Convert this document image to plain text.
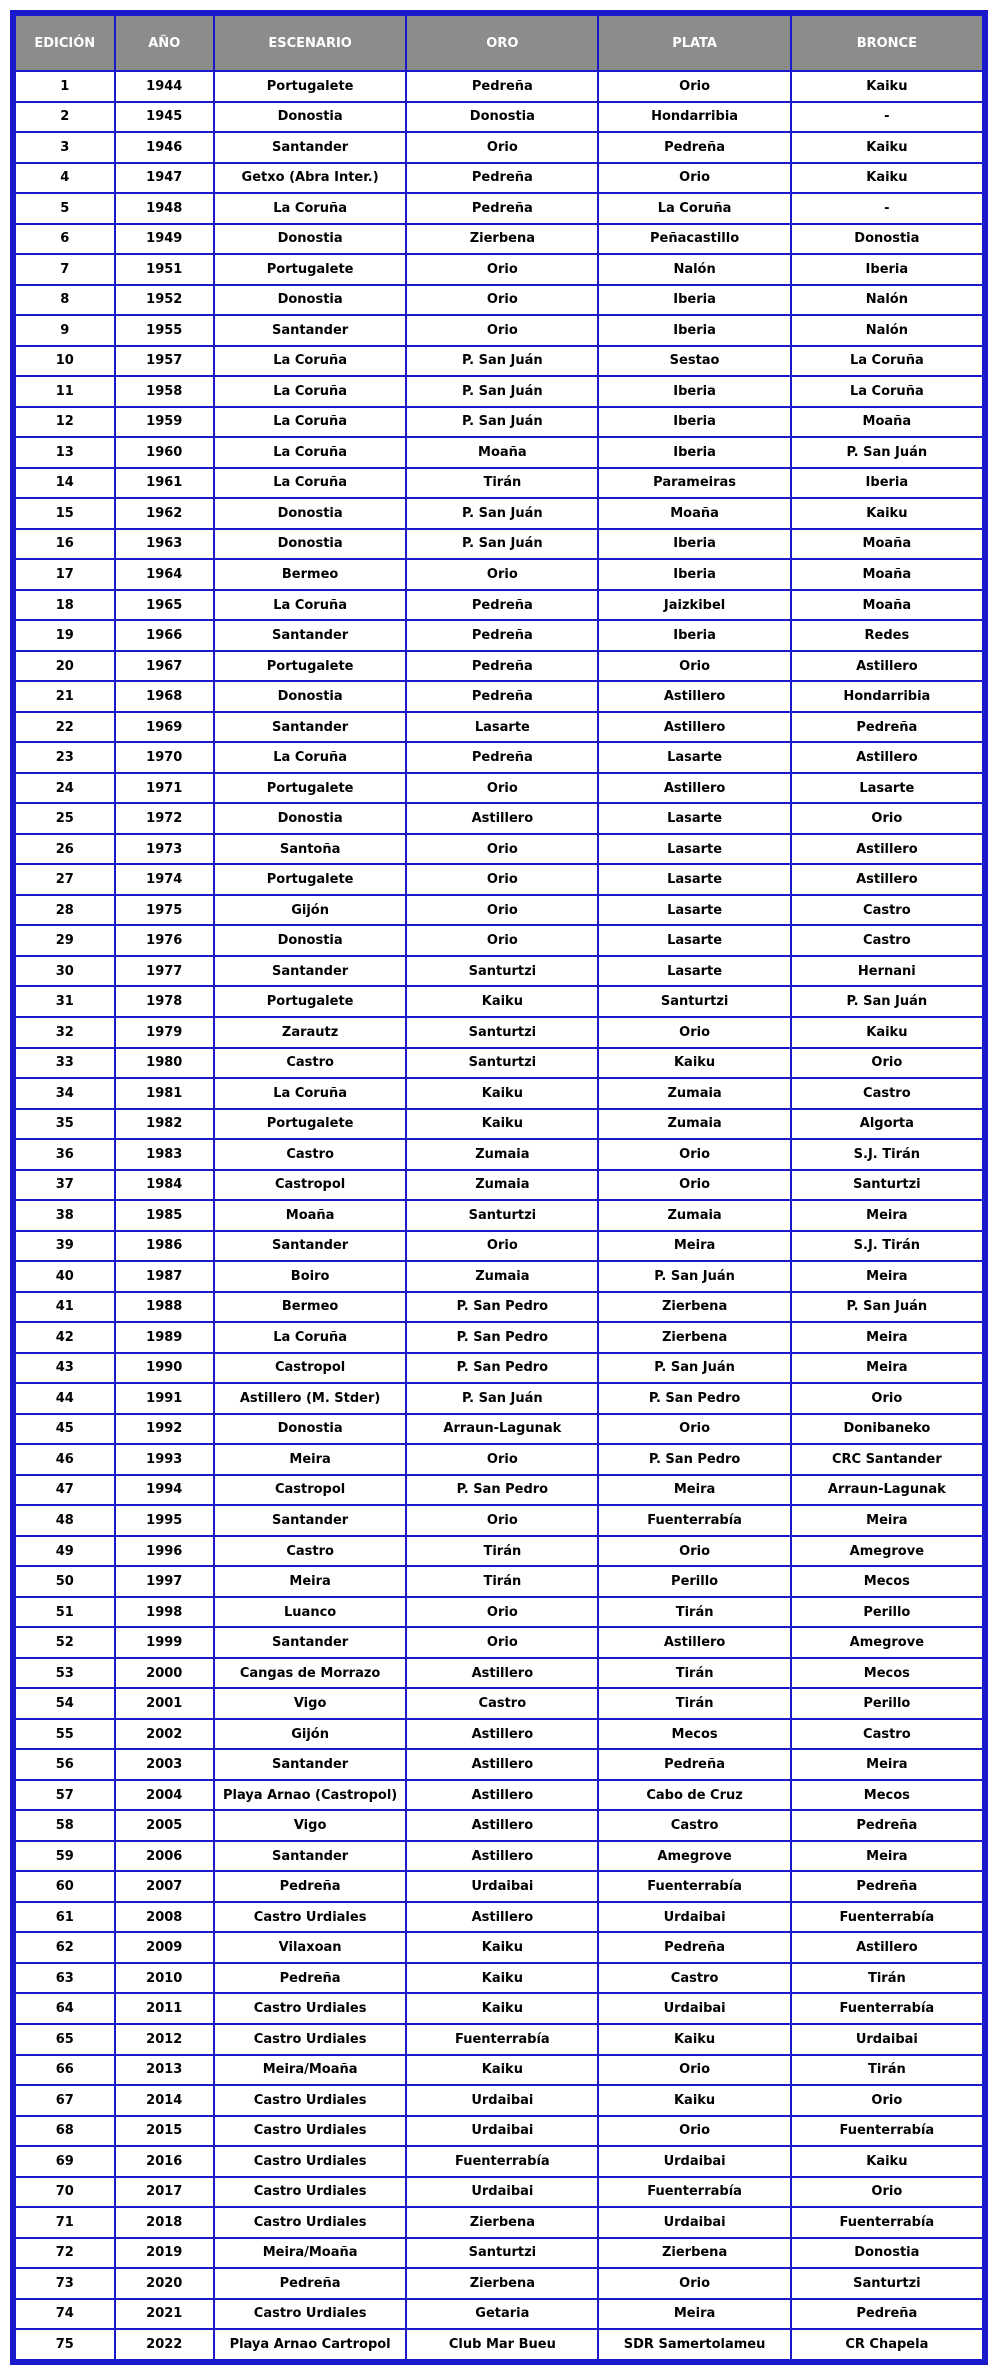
EDICIÓN	AÑO	ESCENARIO	ORO	PLATA	BRONCE
1	1944	Portugalete	Pedreña	Orio	Kaiku
2	1945	Donostia	Donostia	Hondarribia	-
3	1946	Santander	Orio	Pedreña	Kaiku
4	1947	Getxo (Abra Inter.)	Pedreña	Orio	Kaiku
5	1948	La Coruña	Pedreña	La Coruña	-
6	1949	Donostia	Zierbena	Peñacastillo	Donostia
7	1951	Portugalete	Orio	Nalón	Iberia
8	1952	Donostia	Orio	Iberia	Nalón
9	1955	Santander	Orio	Iberia	Nalón
10	1957	La Coruña	P. San Juán	Sestao	La Coruña
11	1958	La Coruña	P. San Juán	Iberia	La Coruña
12	1959	La Coruña	P. San Juán	Iberia	Moaña
13	1960	La Coruña	Moaña	Iberia	P. San Juán
14	1961	La Coruña	Tirán	Parameiras	Iberia
15	1962	Donostia	P. San Juán	Moaña	Kaiku
16	1963	Donostia	P. San Juán	Iberia	Moaña
17	1964	Bermeo	Orio	Iberia	Moaña
18	1965	La Coruña	Pedreña	Jaizkibel	Moaña
19	1966	Santander	Pedreña	Iberia	Redes
20	1967	Portugalete	Pedreña	Orio	Astillero
21	1968	Donostia	Pedreña	Astillero	Hondarribia
22	1969	Santander	Lasarte	Astillero	Pedreña
23	1970	La Coruña	Pedreña	Lasarte	Astillero
24	1971	Portugalete	Orio	Astillero	Lasarte
25	1972	Donostia	Astillero	Lasarte	Orio
26	1973	Santoña	Orio	Lasarte	Astillero
27	1974	Portugalete	Orio	Lasarte	Astillero
28	1975	Gijón	Orio	Lasarte	Castro
29	1976	Donostia	Orio	Lasarte	Castro
30	1977	Santander	Santurtzi	Lasarte	Hernani
31	1978	Portugalete	Kaiku	Santurtzi	P. San Juán
32	1979	Zarautz	Santurtzi	Orio	Kaiku
33	1980	Castro	Santurtzi	Kaiku	Orio
34	1981	La Coruña	Kaiku	Zumaia	Castro
35	1982	Portugalete	Kaiku	Zumaia	Algorta
36	1983	Castro	Zumaia	Orio	S.J. Tirán
37	1984	Castropol	Zumaia	Orio	Santurtzi
38	1985	Moaña	Santurtzi	Zumaia	Meira
39	1986	Santander	Orio	Meira	S.J. Tirán
40	1987	Boiro	Zumaia	P. San Juán	Meira
41	1988	Bermeo	P. San Pedro	Zierbena	P. San Juán
42	1989	La Coruña	P. San Pedro	Zierbena	Meira
43	1990	Castropol	P. San Pedro	P. San Juán	Meira
44	1991	Astillero (M. Stder)	P. San Juán	P. San Pedro	Orio
45	1992	Donostia	Arraun-Lagunak	Orio	Donibaneko
46	1993	Meira	Orio	P. San Pedro	CRC Santander
47	1994	Castropol	P. San Pedro	Meira	Arraun-Lagunak
48	1995	Santander	Orio	Fuenterrabía	Meira
49	1996	Castro	Tirán	Orio	Amegrove
50	1997	Meira	Tirán	Perillo	Mecos
51	1998	Luanco	Orio	Tirán	Perillo
52	1999	Santander	Orio	Astillero	Amegrove
53	2000	Cangas de Morrazo	Astillero	Tirán	Mecos
54	2001	Vigo	Castro	Tirán	Perillo
55	2002	Gijón	Astillero	Mecos	Castro
56	2003	Santander	Astillero	Pedreña	Meira
57	2004	Playa Arnao (Castropol)	Astillero	Cabo de Cruz	Mecos
58	2005	Vigo	Astillero	Castro	Pedreña
59	2006	Santander	Astillero	Amegrove	Meira
60	2007	Pedreña	Urdaibai	Fuenterrabía	Pedreña
61	2008	Castro Urdiales	Astillero	Urdaibai	Fuenterrabía
62	2009	Vilaxoan	Kaiku	Pedreña	Astillero
63	2010	Pedreña	Kaiku	Castro	Tirán
64	2011	Castro Urdiales	Kaiku	Urdaibai	Fuenterrabía
65	2012	Castro Urdiales	Fuenterrabía	Kaiku	Urdaibai
66	2013	Meira/Moaña	Kaiku	Orio	Tirán
67	2014	Castro Urdiales	Urdaibai	Kaiku	Orio
68	2015	Castro Urdiales	Urdaibai	Orio	Fuenterrabía
69	2016	Castro Urdiales	Fuenterrabía	Urdaibai	Kaiku
70	2017	Castro Urdiales	Urdaibai	Fuenterrabía	Orio
71	2018	Castro Urdiales	Zierbena	Urdaibai	Fuenterrabía
72	2019	Meira/Moaña	Santurtzi	Zierbena	Donostia
73	2020	Pedreña	Zierbena	Orio	Santurtzi
74	2021	Castro Urdiales	Getaria	Meira	Pedreña
75	2022	Playa Arnao Cartropol	Club Mar Bueu	SDR Samertolameu	CR Chapela
